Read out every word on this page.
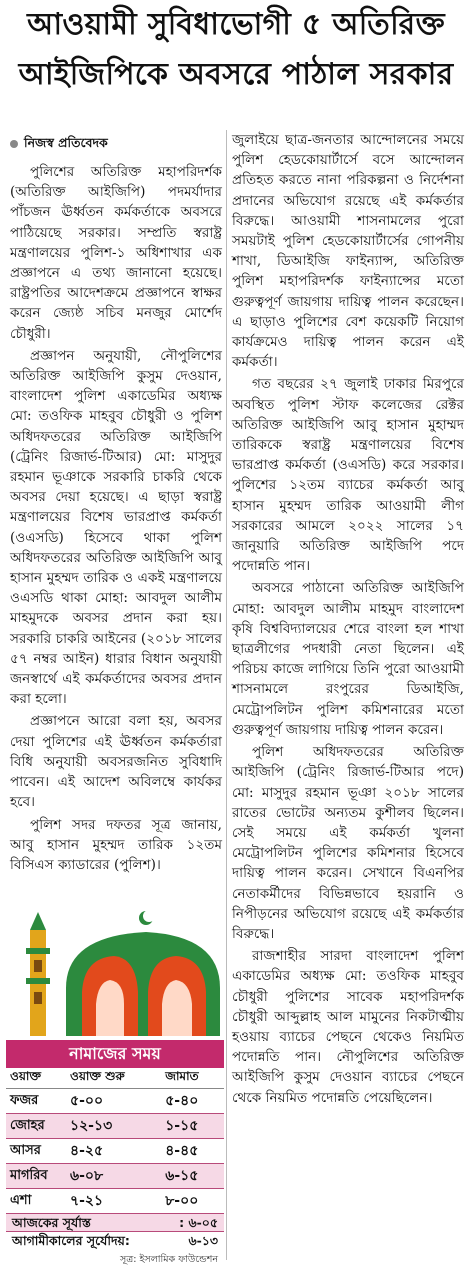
আওয়ামী সুবিধাভোগী ৫ অতিরিক্ত
আইজিপিকে অবসরে পাঠাল সরকার
নিজস্ব প্রতিবেদক

পুলিশের অতিরিক্ত মহাপরিদর্শক (অতিরিক্ত আইজিপি) পদমর্যাদার পাঁচজন ঊর্ধ্বতন কর্মকর্তাকে অবসরে পাঠিয়েছে সরকার। সম্প্রতি স্বরাষ্ট্র মন্ত্রণালয়ের পুলিশ-১ অধিশাখার এক প্রজ্ঞাপনে এ তথ্য জানানো হয়েছে। রাষ্ট্রপতির আদেশক্রমে প্রজ্ঞাপনে স্বাক্ষর করেন জ্যেষ্ঠ সচিব মনজুর মোর্শেদ চৌধুরী।

প্রজ্ঞাপন অনুযায়ী, নৌপুলিশের অতিরিক্ত আইজিপি কুসুম দেওয়ান, বাংলাদেশ পুলিশ একাডেমির অধ্যক্ষ মো: তওফিক মাহবুব চৌধুরী ও পুলিশ অধিদফতরের অতিরিক্ত আইজিপি (ট্রেনিং রিজার্ভ-টিআর) মো: মাসুদুর রহমান ভূঞাকে সরকারি চাকরি থেকে অবসর দেয়া হয়েছে। এ ছাড়া স্বরাষ্ট্র মন্ত্রণালয়ের বিশেষ ভারপ্রাপ্ত কর্মকর্তা (ওএসডি) হিসেবে থাকা পুলিশ অধিদফতরের অতিরিক্ত আইজিপি আবু হাসান মুহম্মদ তারিক ও একই মন্ত্রণালয়ে ওএসডি থাকা মোহা: আবদুল আলীম মাহমুদকে অবসর প্রদান করা হয়। সরকারি চাকরি আইনের (২০১৮ সালের ৫৭ নম্বর আইন) ধারার বিধান অনুযায়ী জনস্বার্থে এই কর্মকর্তাদের অবসর প্রদান করা হলো।

প্রজ্ঞাপনে আরো বলা হয়, অবসর দেয়া পুলিশের এই ঊর্ধ্বতন কর্মকর্তারা বিধি অনুযায়ী অবসরজনিত সুবিধাদি পাবেন। এই আদেশ অবিলম্বে কার্যকর হবে।

পুলিশ সদর দফতর সূত্র জানায়, আবু হাসান মুহম্মদ তারিক ১২তম বিসিএস ক্যাডারের (পুলিশ)।

জুলাইয়ে ছাত্র-জনতার আন্দোলনের সময়ে পুলিশ হেডকোয়ার্টার্সে বসে আন্দোলন প্রতিহত করতে নানা পরিকল্পনা ও নির্দেশনা প্রদানের অভিযোগ রয়েছে এই কর্মকর্তার বিরুদ্ধে। আওয়ামী শাসনামলের পুরো সময়টাই পুলিশ হেডকোয়ার্টার্সের গোপনীয় শাখা, ডিআইজি ফাইন্যান্স, অতিরিক্ত পুলিশ মহাপরিদর্শক ফাইন্যান্সের মতো গুরুত্বপূর্ণ জায়গায় দায়িত্ব পালন করেছেন। এ ছাড়াও পুলিশের বেশ কয়েকটি নিয়োগ কার্যক্রমেও দায়িত্ব পালন করেন এই কর্মকর্তা।

গত বছরের ২৭ জুলাই ঢাকার মিরপুরে অবস্থিত পুলিশ স্টাফ কলেজের রেক্টর অতিরিক্ত আইজিপি আবু হাসান মুহাম্মদ তারিককে স্বরাষ্ট্র মন্ত্রণালয়ের বিশেষ ভারপ্রাপ্ত কর্মকর্তা (ওএসডি) করে সরকার। পুলিশের ১২তম ব্যাচের কর্মকর্তা আবু হাসান মুহম্মদ তারিক আওয়ামী লীগ সরকারের আমলে ২০২২ সালের ১৭ জানুয়ারি অতিরিক্ত আইজিপি পদে পদোন্নতি পান।

অবসরে পাঠানো অতিরিক্ত আইজিপি মোহা: আবদুল আলীম মাহমুদ বাংলাদেশ কৃষি বিশ্ববিদ্যালয়ের শেরে বাংলা হল শাখা ছাত্রলীগের পদধারী নেতা ছিলেন। এই পরিচয় কাজে লাগিয়ে তিনি পুরো আওয়ামী শাসনামলে রংপুরের ডিআইজি, মেট্রোপলিটন পুলিশ কমিশনারের মতো গুরুত্বপূর্ণ জায়গায় দায়িত্ব পালন করেন।

পুলিশ অধিদফতরের অতিরিক্ত আইজিপি (ট্রেনিং রিজার্ভ-টিআর পদে) মো: মাসুদুর রহমান ভূঞা ২০১৮ সালের রাতের ভোটের অন্যতম কুশীলব ছিলেন। সেই সময়ে এই কর্মকর্তা খুলনা মেট্রোপলিটন পুলিশের কমিশনার হিসেবে দায়িত্ব পালন করেন। সেখানে বিএনপির নেতাকর্মীদের বিভিন্নভাবে হয়রানি ও নিপীড়নের অভিযোগ রয়েছে এই কর্মকর্তার বিরুদ্ধে।

রাজশাহীর সারদা বাংলাদেশ পুলিশ একাডেমির অধ্যক্ষ মো: তওফিক মাহবুব চৌধুরী পুলিশের সাবেক মহাপরিদর্শক চৌধুরী আব্দুল্লাহ আল মামুনের নিকটাত্মীয় হওয়ায় ব্যাচের পেছনে থেকেও নিয়মিত পদোন্নতি পান। নৌপুলিশের অতিরিক্ত আইজিপি কুসুম দেওয়ান ব্যাচের পেছনে থেকে নিয়মিত পদোন্নতি পেয়েছিলেন।

নামাজের সময়
ওয়াক্ত	ওয়াক্ত শুরু	জামাত
ফজর	৫-০০	৫-৪০
জোহর	১২-১৩	১-১৫
আসর	৪-২৫	৪-৪৫
মাগরিব	৬-০৮	৬-১৫
এশা	৭-২১	৮-০০
আজকের সূর্যাস্ত	: ৬-০৫
আগামীকালের সূর্যোদয়:	৬-১৩
সূত্র: ইসলামিক ফাউন্ডেশন
